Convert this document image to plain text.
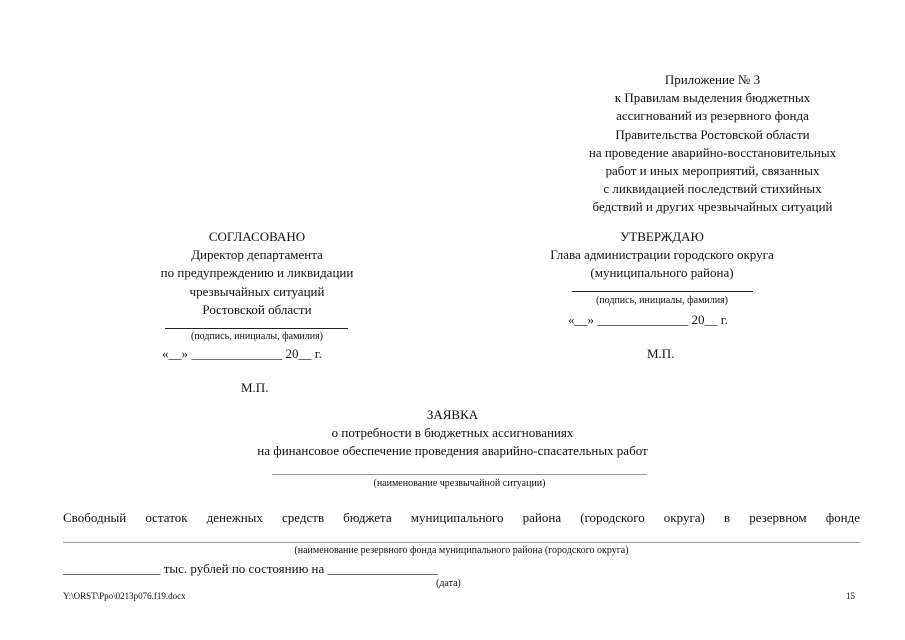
Приложение № 3
к Правилам выделения бюджетных
ассигнований из резервного фонда
Правительства Ростовской области
на проведение аварийно-восстановительных
работ и иных мероприятий, связанных
с ликвидацией последствий стихийных
бедствий и других чрезвычайных ситуаций
СОГЛАСОВАНО
Директор департамента
по предупреждению и ликвидации
чрезвычайных ситуаций
Ростовской области
(подпись, инициалы, фамилия)
«__» ______________ 20__ г.
М.П.
УТВЕРЖДАЮ
Глава администрации городского округа
(муниципального района)
(подпись, инициалы, фамилия)
«__» ______________ 20__ г.
М.П.
ЗАЯВКА
о потребности в бюджетных ассигнованиях
на финансовое обеспечение проведения аварийно-спасательных работ
(наименование чрезвычайной ситуации)
Свободный остаток денежных средств бюджета муниципального района (городского округа) в резервном фонде
(наименование резервного фонда муниципального района (городского округа)
_______________ тыс. рублей по состоянию на _________________
(дата)
Y:\ORST\Ppo\0213p076.f19.docx	15
